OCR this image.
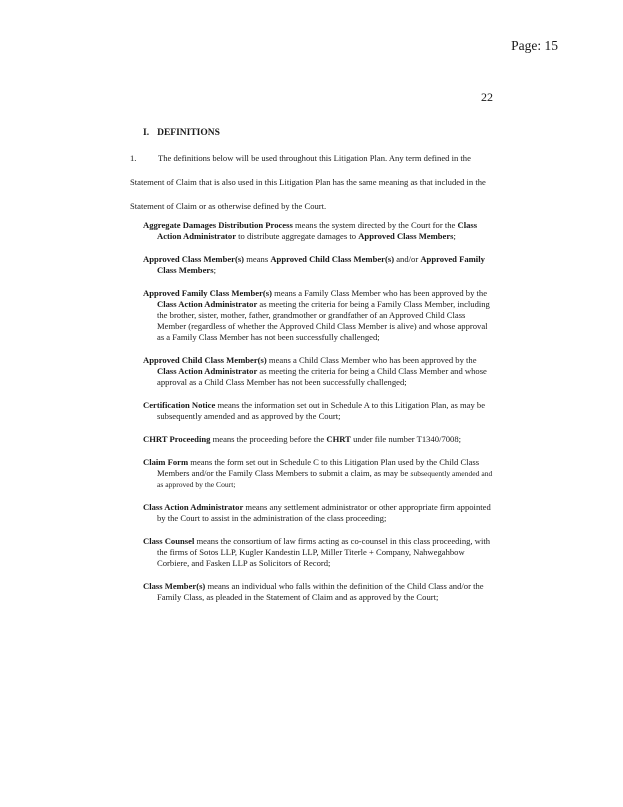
Page: 15
22
I. DEFINITIONS
1.	The definitions below will be used throughout this Litigation Plan. Any term defined in the Statement of Claim that is also used in this Litigation Plan has the same meaning as that included in the Statement of Claim or as otherwise defined by the Court.

Aggregate Damages Distribution Process means the system directed by the Court for the Class Action Administrator to distribute aggregate damages to Approved Class Members;

Approved Class Member(s) means Approved Child Class Member(s) and/or Approved Family Class Members;

Approved Family Class Member(s) means a Family Class Member who has been approved by the Class Action Administrator as meeting the criteria for being a Family Class Member, including the brother, sister, mother, father, grandmother or grandfather of an Approved Child Class Member (regardless of whether the Approved Child Class Member is alive) and whose approval as a Family Class Member has not been successfully challenged;

Approved Child Class Member(s) means a Child Class Member who has been approved by the Class Action Administrator as meeting the criteria for being a Child Class Member and whose approval as a Child Class Member has not been successfully challenged;

Certification Notice means the information set out in Schedule A to this Litigation Plan, as may be subsequently amended and as approved by the Court;

CHRT Proceeding means the proceeding before the CHRT under file number T1340/7008;

Claim Form means the form set out in Schedule C to this Litigation Plan used by the Child Class Members and/or the Family Class Members to submit a claim, as may be subsequently amended and as approved by the Court;

Class Action Administrator means any settlement administrator or other appropriate firm appointed by the Court to assist in the administration of the class proceeding;

Class Counsel means the consortium of law firms acting as co-counsel in this class proceeding, with the firms of Sotos LLP, Kugler Kandestin LLP, Miller Titerle + Company, Nahwegahbow Corbiere, and Fasken LLP as Solicitors of Record;

Class Member(s) means an individual who falls within the definition of the Child Class and/or the Family Class, as pleaded in the Statement of Claim and as approved by the Court;
